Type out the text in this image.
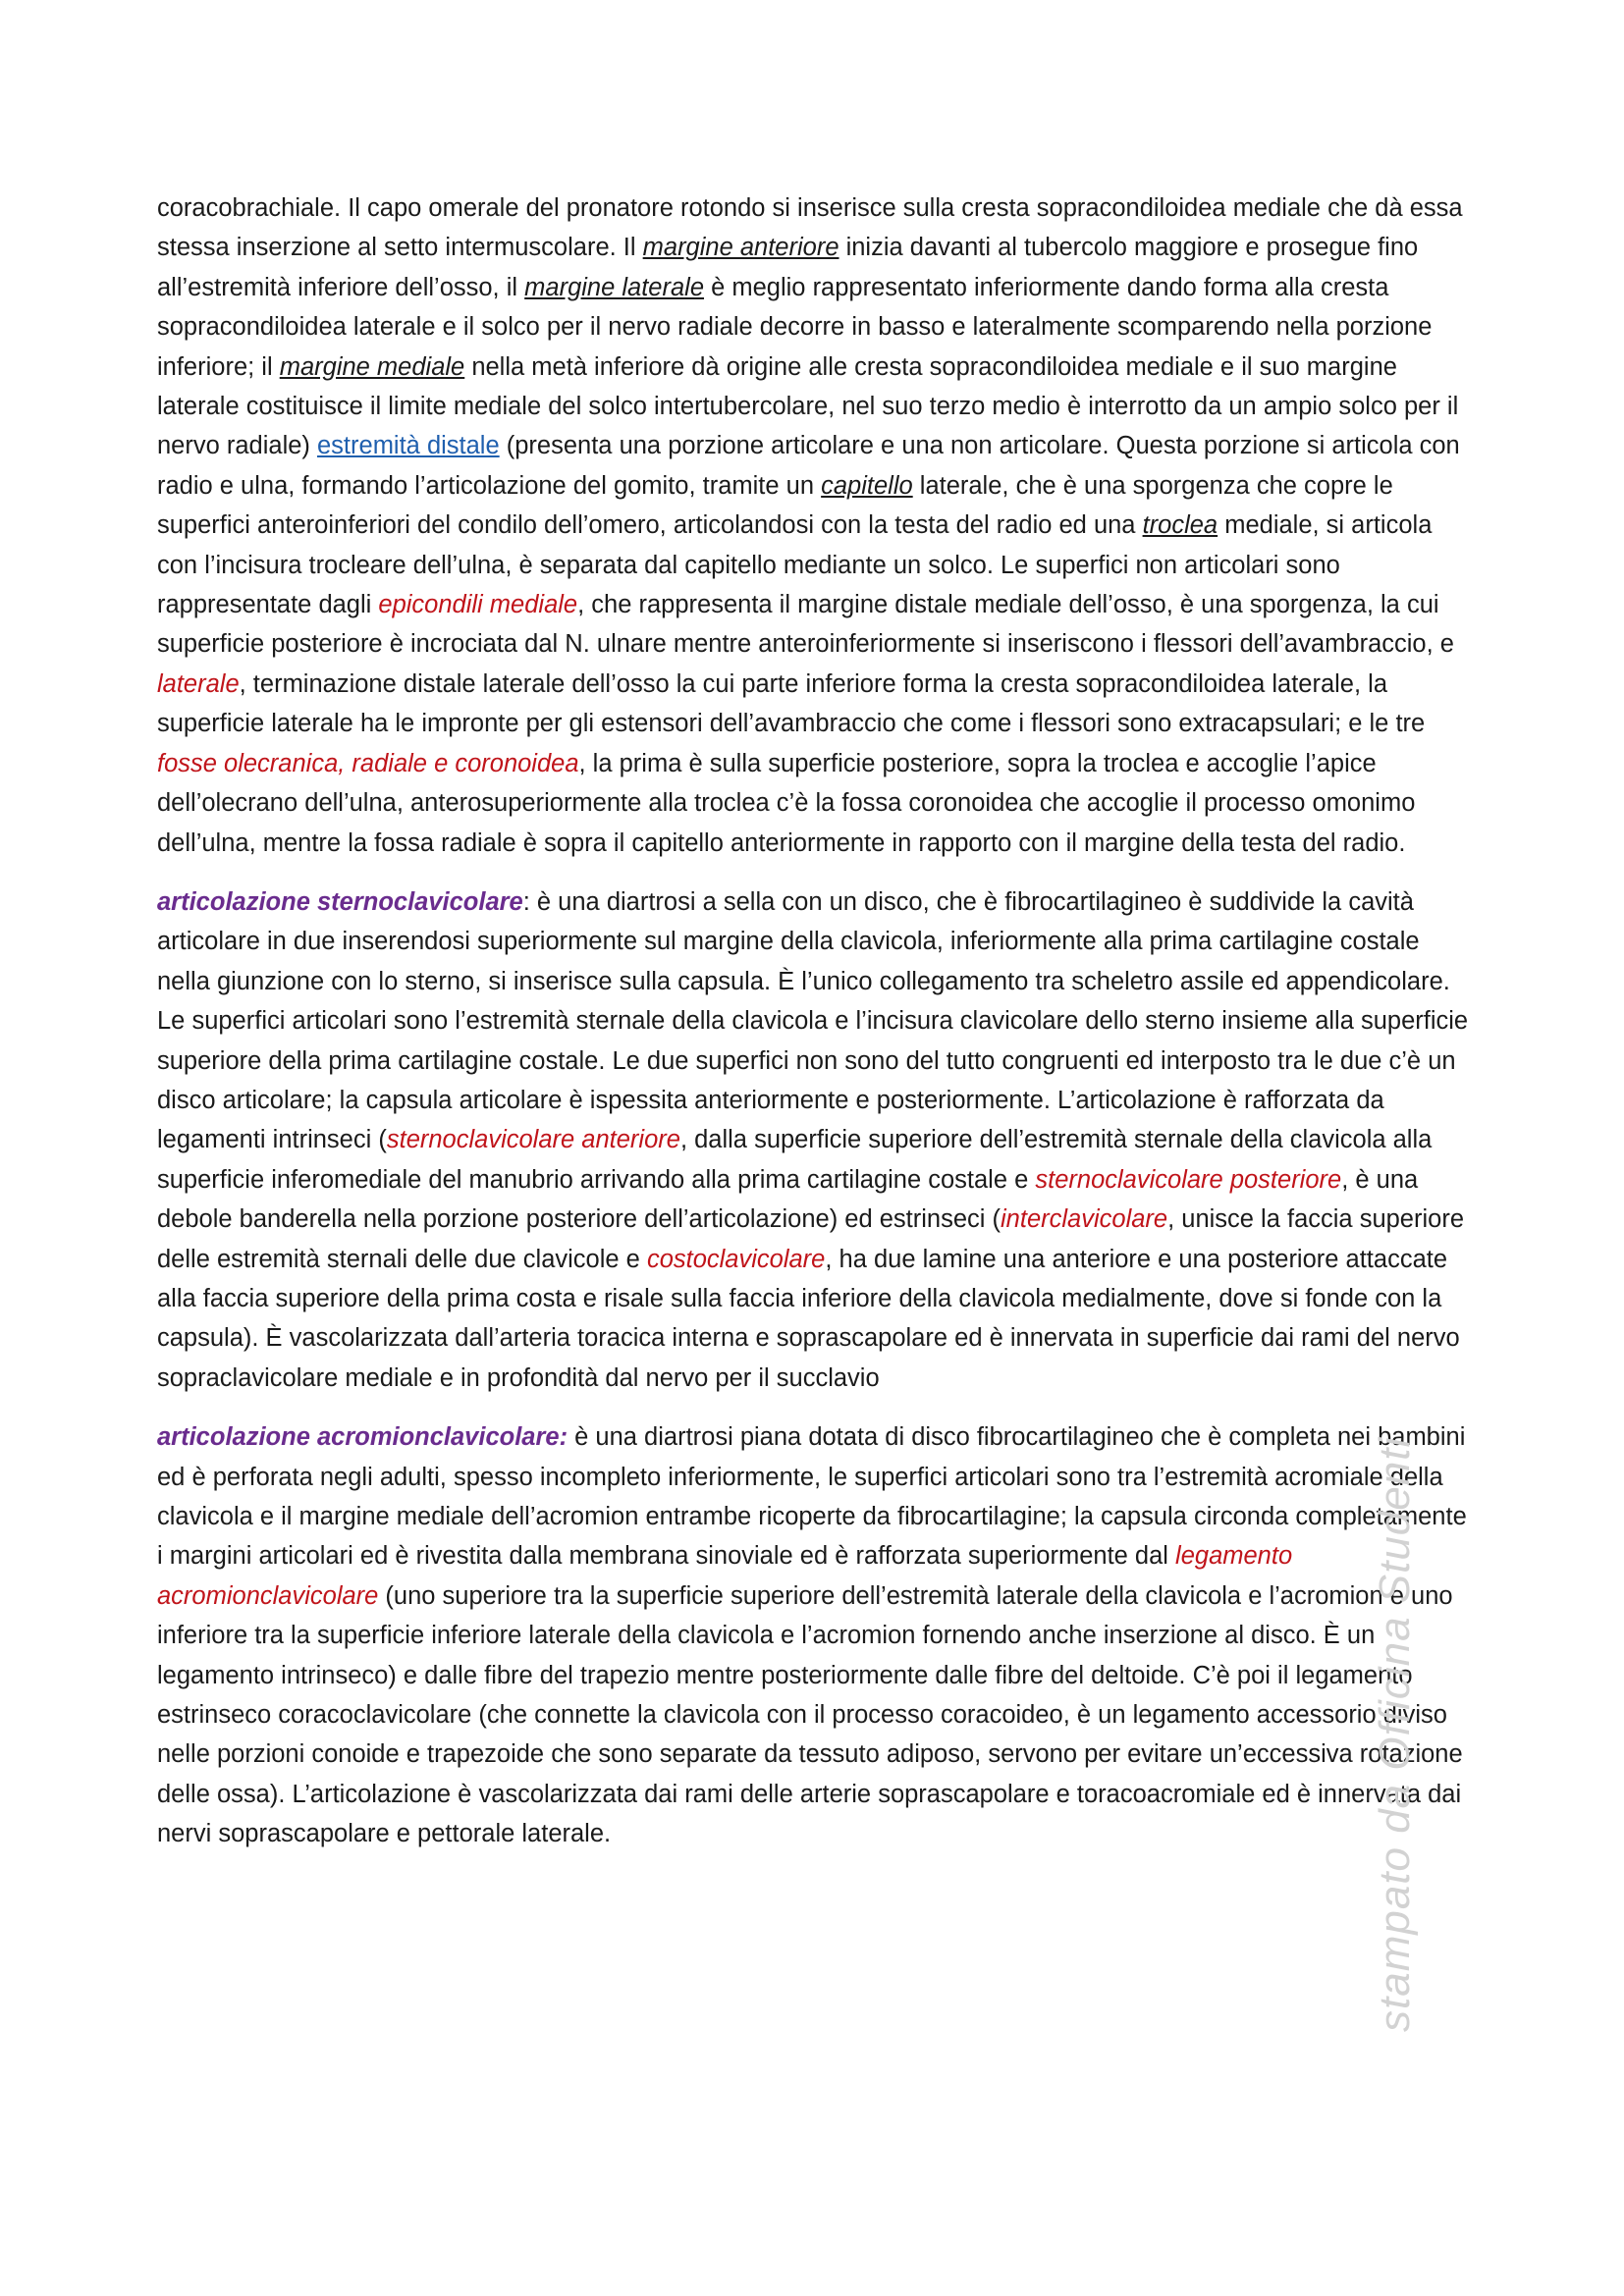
coracobrachiale. Il capo omerale del pronatore rotondo si inserisce sulla cresta sopracondiloidea mediale che dà essa stessa inserzione al setto intermuscolare. Il margine anteriore inizia davanti al tubercolo maggiore e prosegue fino all’estremità inferiore dell’osso, il margine laterale è meglio rappresentato inferiormente dando forma alla cresta sopracondiloidea laterale e il solco per il nervo radiale decorre in basso e lateralmente scomparendo nella porzione inferiore; il margine mediale nella metà inferiore dà origine alle cresta sopracondiloidea mediale e il suo margine laterale costituisce il limite mediale del solco intertubercolare, nel suo terzo medio è interrotto da un ampio solco per il nervo radiale) estremità distale (presenta una porzione articolare e una non articolare. Questa porzione si articola con radio e ulna, formando l’articolazione del gomito, tramite un capitello laterale, che è una sporgenza che copre le superfici anteroinferiori del condilo dell’omero, articolandosi con la testa del radio ed una troclea mediale, si articola con l’incisura trocleare dell’ulna, è separata dal capitello mediante un solco. Le superfici non articolari sono rappresentate dagli epicondili mediale, che rappresenta il margine distale mediale dell’osso, è una sporgenza, la cui superficie posteriore è incrociata dal N. ulnare mentre anteroinferiormente si inseriscono i flessori dell’avambraccio, e laterale, terminazione distale laterale dell’osso la cui parte inferiore forma la cresta sopracondiloidea laterale, la superficie laterale ha le impronte per gli estensori dell’avambraccio che come i flessori sono extracapsulari; e le tre fosse olecranica, radiale e coronoidea, la prima è sulla superficie posteriore, sopra la troclea e accoglie l’apice dell’olecrano dell’ulna, anterosuperiormente alla troclea c’è la fossa coronoidea che accoglie il processo omonimo dell’ulna, mentre la fossa radiale è sopra il capitello anteriormente in rapporto con il margine della testa del radio.

articolazione sternoclavicolare: è una diartrosi a sella con un disco, che è fibrocartilagineo è suddivide la cavità articolare in due inserendosi superiormente sul margine della clavicola, inferiormente alla prima cartilagine costale nella giunzione con lo sterno, si inserisce sulla capsula. È l’unico collegamento tra scheletro assile ed appendicolare. Le superfici articolari sono l’estremità sternale della clavicola e l’incisura clavicolare dello sterno insieme alla superficie superiore della prima cartilagine costale. Le due superfici non sono del tutto congruenti ed interposto tra le due c’è un disco articolare; la capsula articolare è ispessita anteriormente e posteriormente. L’articolazione è rafforzata da legamenti intrinseci (sternoclavicolare anteriore, dalla superficie superiore dell’estremità sternale della clavicola alla superficie inferomediale del manubrio arrivando alla prima cartilagine costale e sternoclavicolare posteriore, è una debole banderella nella porzione posteriore dell’articolazione) ed estrinseci (interclavicolare, unisce la faccia superiore delle estremità sternali delle due clavicole e costoclavicolare, ha due lamine una anteriore e una posteriore attaccate alla faccia superiore della prima costa e risale sulla faccia inferiore della clavicola medialmente, dove si fonde con la capsula). È vascolarizzata dall’arteria toracica interna e soprascapolare ed è innervata in superficie dai rami del nervo sopraclavicolare mediale e in profondità dal nervo per il succlavio

articolazione acromionclavicolare: è una diartrosi piana dotata di disco fibrocartilagineo che è completa nei bambini ed è perforata negli adulti, spesso incompleto inferiormente, le superfici articolari sono tra l’estremità acromiale della clavicola e il margine mediale dell’acromion entrambe ricoperte da fibrocartilagine; la capsula circonda completamente i margini articolari ed è rivestita dalla membrana sinoviale ed è rafforzata superiormente dal legamento acromionclavicolare (uno superiore tra la superficie superiore dell’estremità laterale della clavicola e l’acromion e uno inferiore tra la superficie inferiore laterale della clavicola e l’acromion fornendo anche inserzione al disco. È un legamento intrinseco) e dalle fibre del trapezio mentre posteriormente dalle fibre del deltoide. C’è poi il legamento estrinseco coracoclavicolare (che connette la clavicola con il processo coracoideo, è un legamento accessorio diviso nelle porzioni conoide e trapezoide che sono separate da tessuto adiposo, servono per evitare un’eccessiva rotazione delle ossa). L’articolazione è vascolarizzata dai rami delle arterie soprascapolare e toracoacromiale ed è innervata dai nervi soprascapolare e pettorale laterale.	stampato da Officina Studenti
